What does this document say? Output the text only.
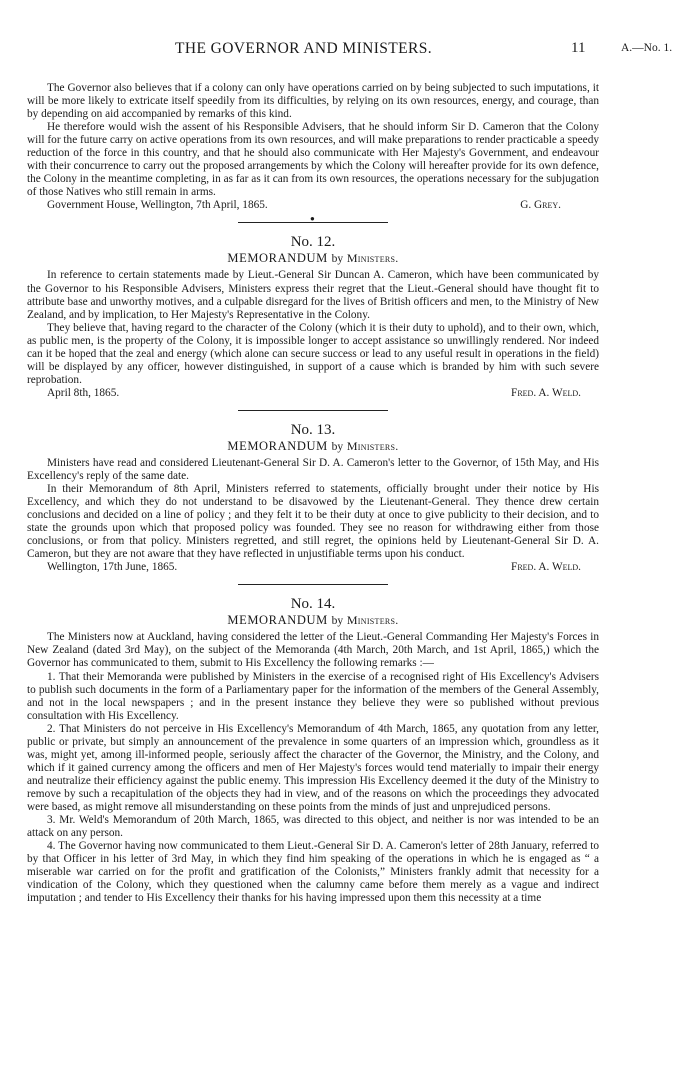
THE GOVERNOR AND MINISTERS.	11	A.—No. 1.

The Governor also believes that if a colony can only have operations carried on by being subjected to such imputations, it will be more likely to extricate itself speedily from its difficulties, by relying on its own resources, energy, and courage, than by depending on aid accompanied by remarks of this kind.

He therefore would wish the assent of his Responsible Advisers, that he should inform Sir D. Cameron that the Colony will for the future carry on active operations from its own resources, and will make preparations to render practicable a speedy reduction of the force in this country, and that he should also communicate with Her Majesty's Government, and endeavour with their concurrence to carry out the proposed arrangements by which the Colony will hereafter provide for its own defence, the Colony in the meantime completing, in as far as it can from its own resources, the operations necessary for the subjugation of those Natives who still remain in arms.

Government House, Wellington, 7th April, 1865.	G. Grey.
●
No. 12.
MEMORANDUM by Ministers.

In reference to certain statements made by Lieut.-General Sir Duncan A. Cameron, which have been communicated by the Governor to his Responsible Advisers, Ministers express their regret that the Lieut.-General should have thought fit to attribute base and unworthy motives, and a culpable disregard for the lives of British officers and men, to the Ministry of New Zealand, and by implication, to Her Majesty's Representative in the Colony.

They believe that, having regard to the character of the Colony (which it is their duty to uphold), and to their own, which, as public men, is the property of the Colony, it is impossible longer to accept assistance so unwillingly rendered. Nor indeed can it be hoped that the zeal and energy (which alone can secure success or lead to any useful result in operations in the field) will be displayed by any officer, however distinguished, in support of a cause which is branded by him with such severe reprobation.

April 8th, 1865.	Fred. A. Weld.
No. 13.
MEMORANDUM by Ministers.

Ministers have read and considered Lieutenant-General Sir D. A. Cameron's letter to the Governor, of 15th May, and His Excellency's reply of the same date.

In their Memorandum of 8th April, Ministers referred to statements, officially brought under their notice by His Excellency, and which they do not understand to be disavowed by the Lieutenant-General. They thence drew certain conclusions and decided on a line of policy ; and they felt it to be their duty at once to give publicity to their decision, and to state the grounds upon which that proposed policy was founded. They see no reason for withdrawing either from those conclusions, or from that policy. Ministers regretted, and still regret, the opinions held by Lieutenant-General Sir D. A. Cameron, but they are not aware that they have reflected in unjustifiable terms upon his conduct.

Wellington, 17th June, 1865.	Fred. A. Weld.
No. 14.
MEMORANDUM by Ministers.

The Ministers now at Auckland, having considered the letter of the Lieut.-General Commanding Her Majesty's Forces in New Zealand (dated 3rd May), on the subject of the Memoranda (4th March, 20th March, and 1st April, 1865,) which the Governor has communicated to them, submit to His Excellency the following remarks :—

1. That their Memoranda were published by Ministers in the exercise of a recognised right of His Excellency's Advisers to publish such documents in the form of a Parliamentary paper for the information of the members of the General Assembly, and not in the local newspapers ; and in the present instance they believe they were so published without previous consultation with His Excellency.

2. That Ministers do not perceive in His Excellency's Memorandum of 4th March, 1865, any quotation from any letter, public or private, but simply an announcement of the prevalence in some quarters of an impression which, groundless as it was, might yet, among ill-informed people, seriously affect the character of the Governor, the Ministry, and the Colony, and which if it gained currency among the officers and men of Her Majesty's forces would tend materially to impair their energy and neutralize their efficiency against the public enemy. This impression His Excellency deemed it the duty of the Ministry to remove by such a recapitulation of the objects they had in view, and of the reasons on which the proceedings they advocated were based, as might remove all misunderstanding on these points from the minds of just and unprejudiced persons.

3. Mr. Weld's Memorandum of 20th March, 1865, was directed to this object, and neither is nor was intended to be an attack on any person.

4. The Governor having now communicated to them Lieut.-General Sir D. A. Cameron's letter of 28th January, referred to by that Officer in his letter of 3rd May, in which they find him speaking of the operations in which he is engaged as “ a miserable war carried on for the profit and gratification of the Colonists,” Ministers frankly admit that necessity for a vindication of the Colony, which they questioned when the calumny came before them merely as a vague and indirect imputation ; and tender to His Excellency their thanks for his having impressed upon them this necessity at a time
